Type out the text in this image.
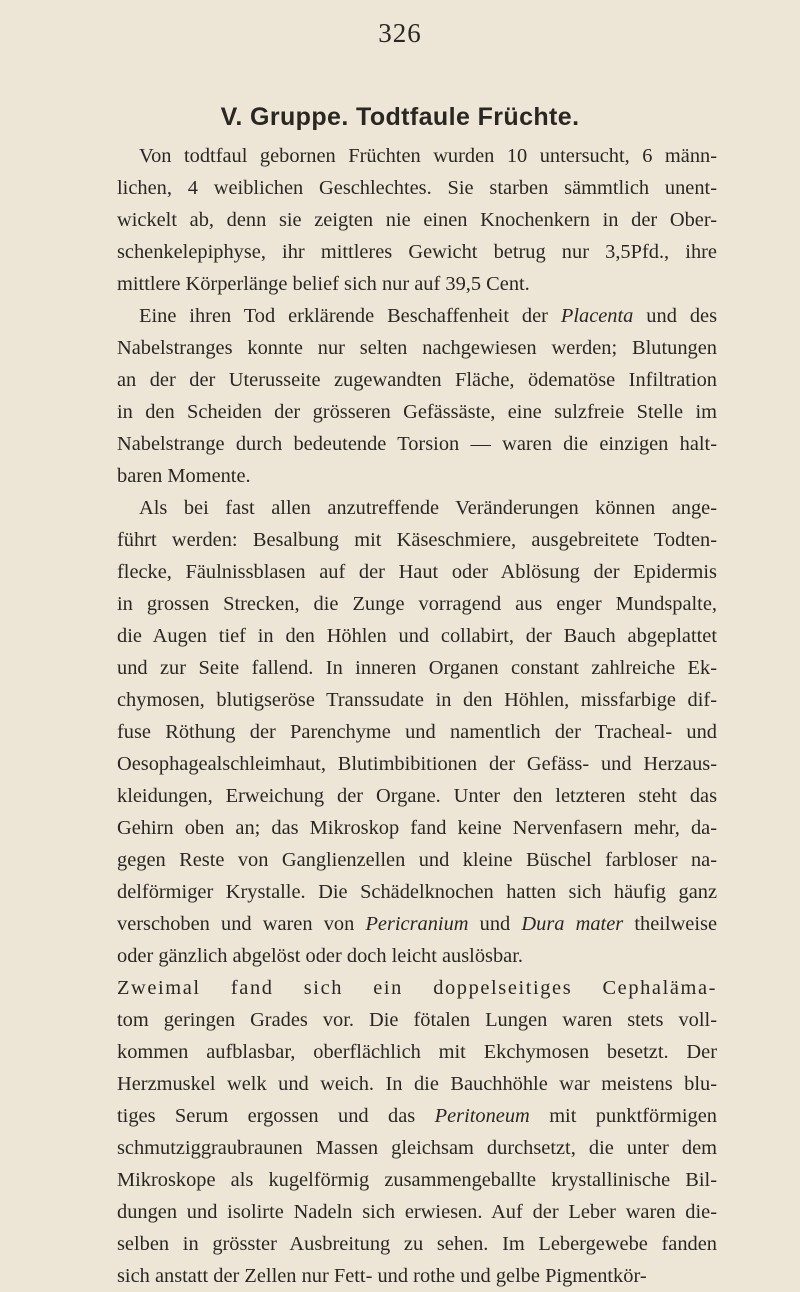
326
V. Gruppe. Todtfaule Früchte.
Von todtfaul gebornen Früchten wurden 10 untersucht, 6 männ-
lichen, 4 weiblichen Geschlechtes. Sie starben sämmtlich unent-
wickelt ab, denn sie zeigten nie einen Knochenkern in der Ober-
schenkelepiphyse, ihr mittleres Gewicht betrug nur 3,5Pfd., ihre
mittlere Körperlänge belief sich nur auf 39,5 Cent.
Eine ihren Tod erklärende Beschaffenheit der Placenta und des
Nabelstranges konnte nur selten nachgewiesen werden; Blutungen
an der der Uterusseite zugewandten Fläche, ödematöse Infiltration
in den Scheiden der grösseren Gefässäste, eine sulzfreie Stelle im
Nabelstrange durch bedeutende Torsion — waren die einzigen halt-
baren Momente.
Als bei fast allen anzutreffende Veränderungen können ange-
führt werden: Besalbung mit Käseschmiere, ausgebreitete Todten-
flecke, Fäulnissblasen auf der Haut oder Ablösung der Epidermis
in grossen Strecken, die Zunge vorragend aus enger Mundspalte,
die Augen tief in den Höhlen und collabirt, der Bauch abgeplattet
und zur Seite fallend. In inneren Organen constant zahlreiche Ek-
chymosen, blutigseröse Transsudate in den Höhlen, missfarbige dif-
fuse Röthung der Parenchyme und namentlich der Tracheal- und
Oesophagealschleimhaut, Blutimbibitionen der Gefäss- und Herzaus-
kleidungen, Erweichung der Organe. Unter den letzteren steht das
Gehirn oben an; das Mikroskop fand keine Nervenfasern mehr, da-
gegen Reste von Ganglienzellen und kleine Büschel farbloser na-
delförmiger Krystalle. Die Schädelknochen hatten sich häufig ganz
verschoben und waren von Pericranium und Dura mater theilweise
oder gänzlich abgelöst oder doch leicht auslösbar.
Zweimal fand sich ein doppelseitiges Cephaläma-
tom geringen Grades vor. Die fötalen Lungen waren stets voll-
kommen aufblasbar, oberflächlich mit Ekchymosen besetzt. Der
Herzmuskel welk und weich. In die Bauchhöhle war meistens blu-
tiges Serum ergossen und das Peritoneum mit punktförmigen
schmutziggraubraunen Massen gleichsam durchsetzt, die unter dem
Mikroskope als kugelförmig zusammengeballte krystallinische Bil-
dungen und isolirte Nadeln sich erwiesen. Auf der Leber waren die-
selben in grösster Ausbreitung zu sehen. Im Lebergewebe fanden
sich anstatt der Zellen nur Fett- und rothe und gelbe Pigmentkör-
